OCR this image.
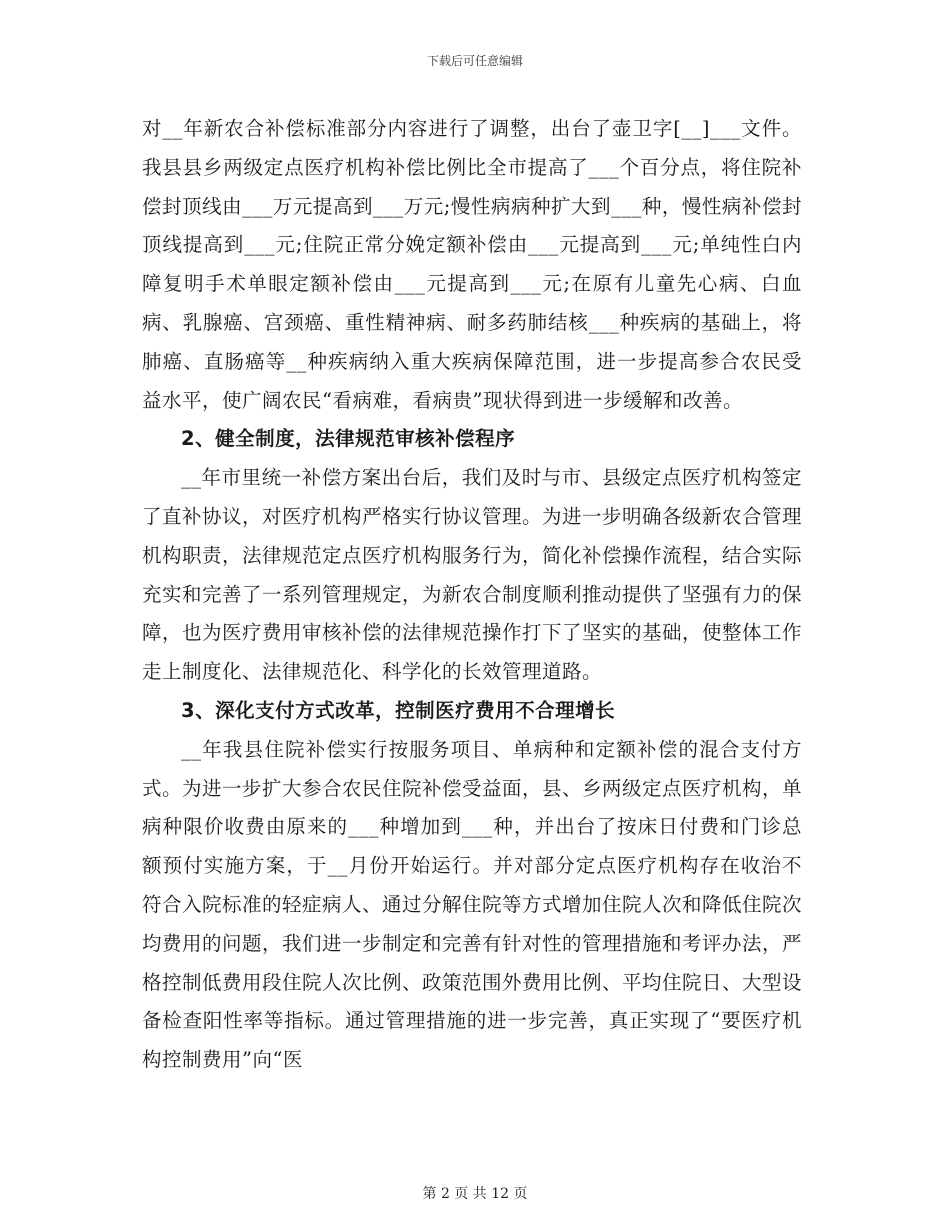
下载后可任意编辑

对__年新农合补偿标准部分内容进行了调整，出台了壶卫字[__]___文件。我县县乡两级定点医疗机构补偿比例比全市提高了___个百分点，将住院补偿封顶线由___万元提高到___万元;慢性病病种扩大到___种，慢性病补偿封顶线提高到___元;住院正常分娩定额补偿由___元提高到___元;单纯性白内障复明手术单眼定额补偿由___元提高到___元;在原有儿童先心病、白血病、乳腺癌、宫颈癌、重性精神病、耐多药肺结核___种疾病的基础上，将肺癌、直肠癌等__种疾病纳入重大疾病保障范围，进一步提高参合农民受益水平，使广阔农民“看病难，看病贵”现状得到进一步缓解和改善。

2、健全制度，法律规范审核补偿程序

__年市里统一补偿方案出台后，我们及时与市、县级定点医疗机构签定了直补协议，对医疗机构严格实行协议管理。为进一步明确各级新农合管理机构职责，法律规范定点医疗机构服务行为，简化补偿操作流程，结合实际充实和完善了一系列管理规定，为新农合制度顺利推动提供了坚强有力的保障，也为医疗费用审核补偿的法律规范操作打下了坚实的基础，使整体工作走上制度化、法律规范化、科学化的长效管理道路。

3、深化支付方式改革，控制医疗费用不合理增长

__年我县住院补偿实行按服务项目、单病种和定额补偿的混合支付方式。为进一步扩大参合农民住院补偿受益面，县、乡两级定点医疗机构，单病种限价收费由原来的___种增加到___种，并出台了按床日付费和门诊总额预付实施方案，于__月份开始运行。并对部分定点医疗机构存在收治不符合入院标准的轻症病人、通过分解住院等方式增加住院人次和降低住院次均费用的问题，我们进一步制定和完善有针对性的管理措施和考评办法，严格控制低费用段住院人次比例、政策范围外费用比例、平均住院日、大型设备检查阳性率等指标。通过管理措施的进一步完善，真正实现了“要医疗机构控制费用”向“医

第 2 页 共 12 页
